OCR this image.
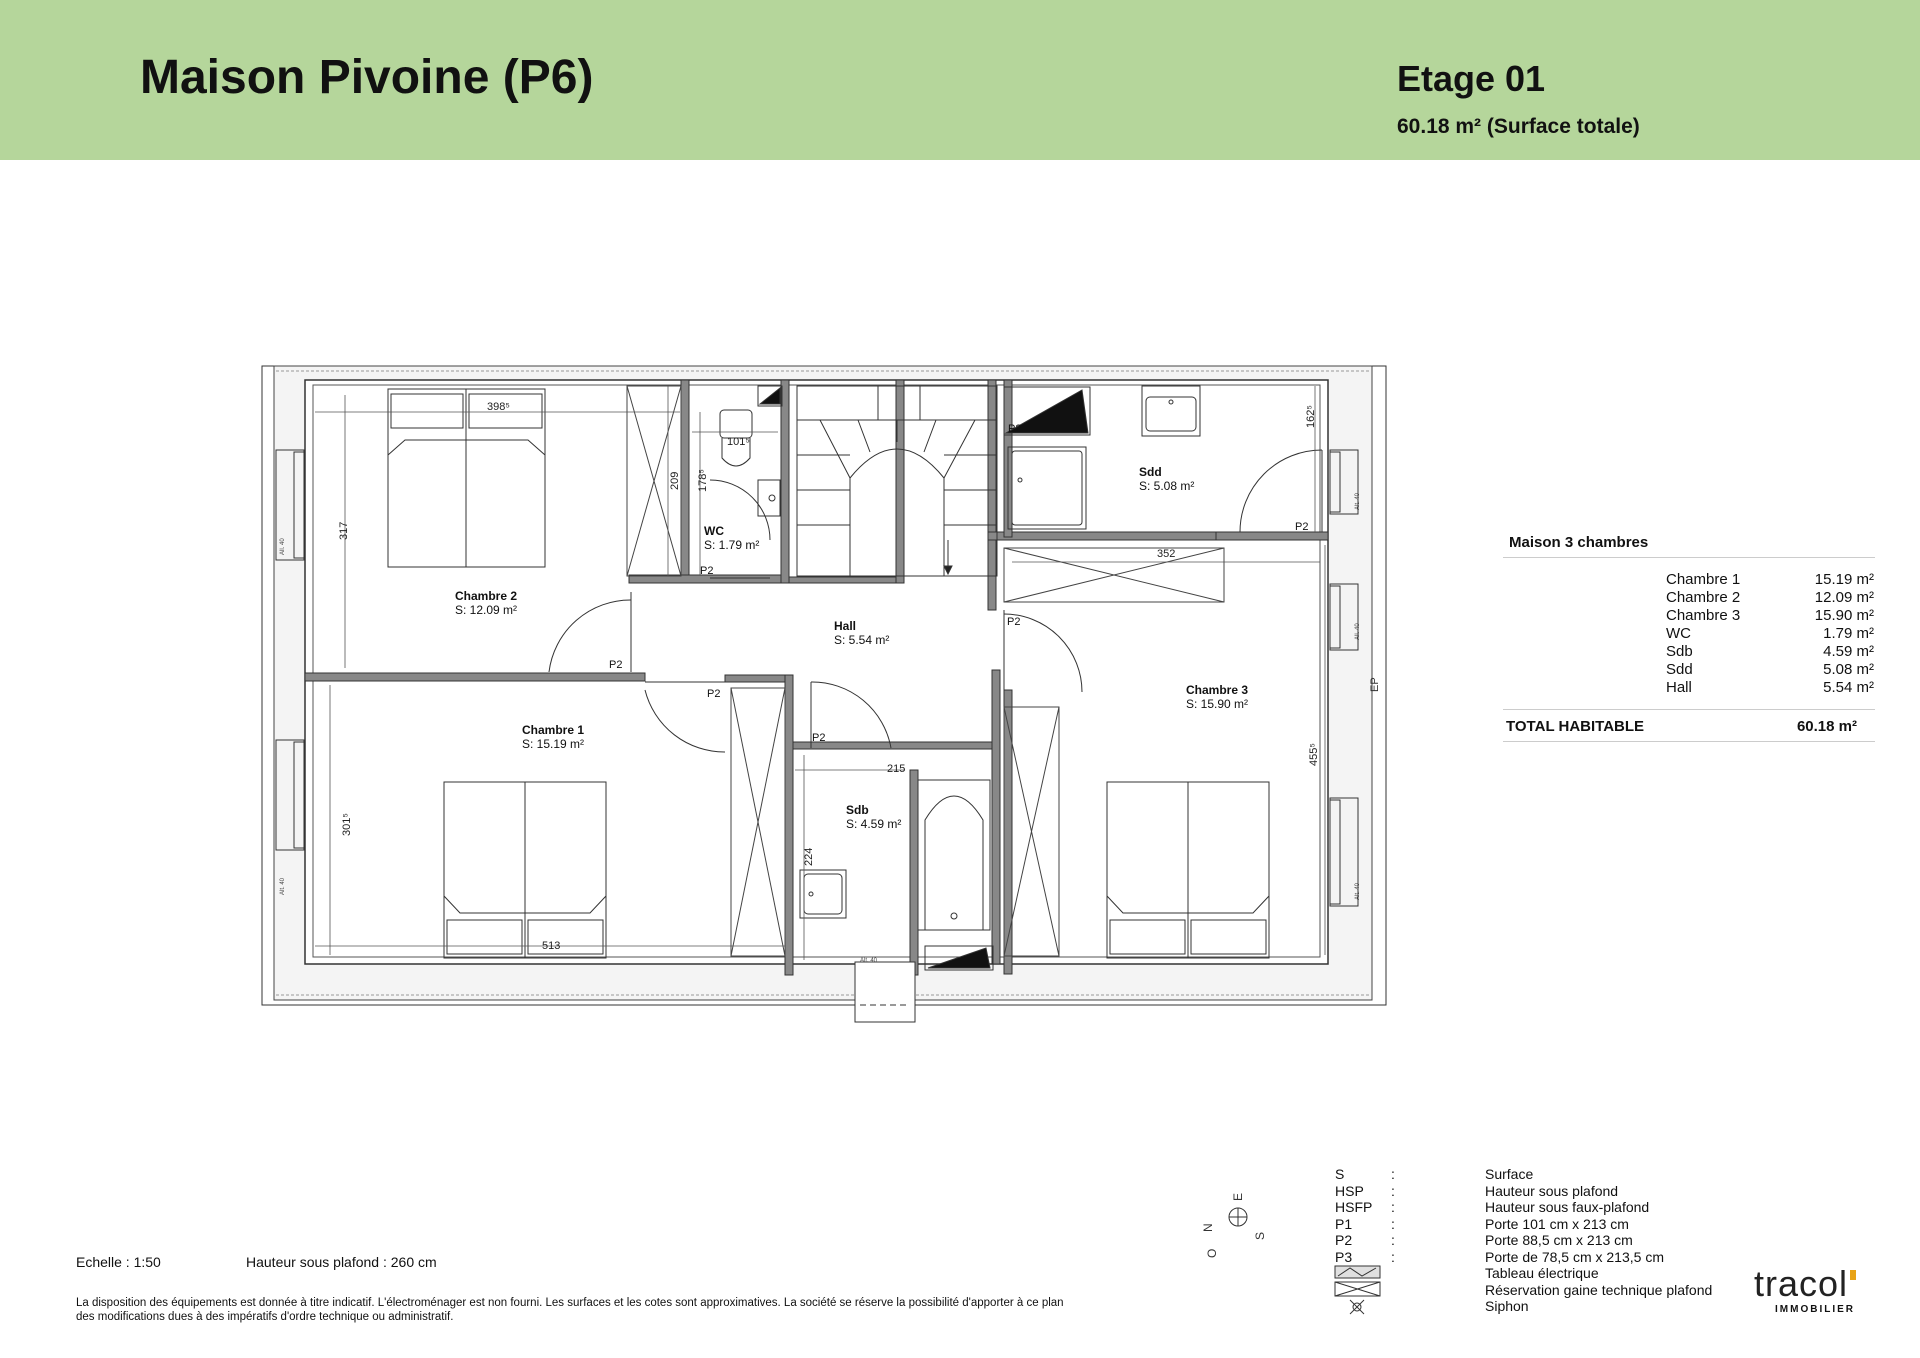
Maison Pivoine (P6)	Etage 01
60.18 m² (Surface totale)
N
O
E
S
Chambre 2
S: 12.09 m²
Chambre 1
S: 15.19 m²
WC
S: 1.79 m²
Hall
S: 5.54 m²
Sdd
S: 5.08 m²
Chambre 3
S: 15.90 m²
Sdb
S: 4.59 m²
P2
P2
P2
P2
P2
P2
P2
398⁵
317
209
101⁵
178⁵
162⁵
352
455⁵
301⁵
513
215
224
All. 40
Alt. 40
Alt. 40
All. 40
Alt. 40
Alt. 40
EP
Maison 3 chambres
Chambre 1	15.19 m²
Chambre 2	12.09 m²
Chambre 3	15.90 m²
WC	1.79 m²
Sdb	4.59 m²
Sdd	5.08 m²
Hall	5.54 m²
TOTAL HABITABLE	60.18 m²
S	:	Surface
HSP	:	Hauteur sous plafond
HSFP	:	Hauteur sous faux-plafond
P1	:	Porte 101 cm x 213 cm
P2	:	Porte 88,5 cm x 213 cm
P3	:	Porte de 78,5 cm x 213,5 cm
Tableau électrique
Réservation gaine technique plafond
Siphon
Echelle : 1:50	Hauteur sous plafond : 260 cm
La disposition des équipements est donnée à titre indicatif. L'électroménager est non fourni. Les surfaces et les cotes sont approximatives. La société se réserve la possibilité d'apporter à ce plan des modifications dues à des impératifs d'ordre technique ou administratif.
tracol
IMMOBILIER
